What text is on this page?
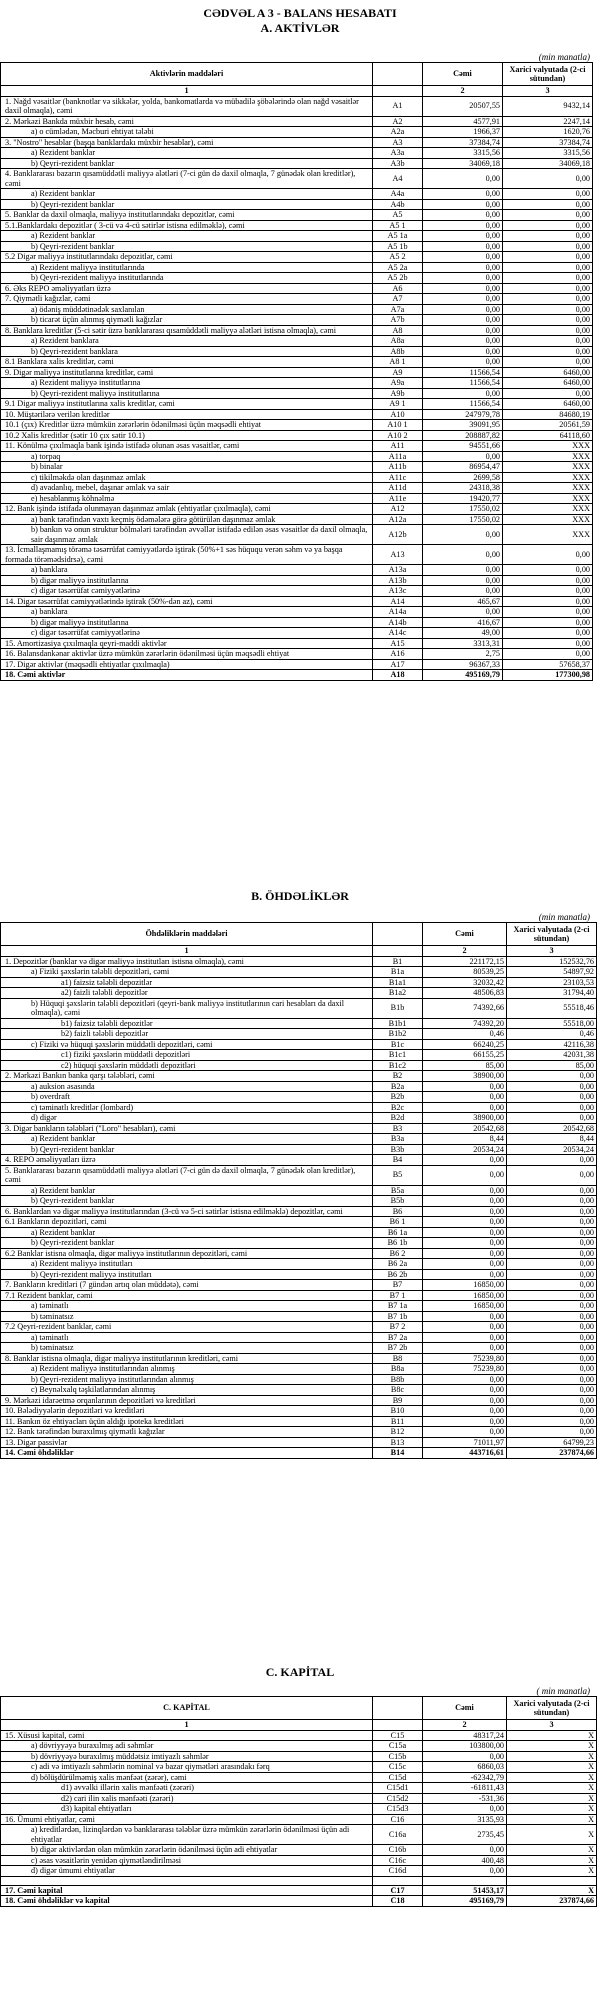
CƏDVƏL A 3 - BALANS HESABATI
A. AKTİVLƏR
(min manatla)
Aktivlərin maddələri		Cəmi	Xarici valyutada (2-ci sütundan)
1		2	3
1. Nağd vəsaitlər (banknotlar və sikkələr, yolda, bankomatlarda və mübadilə şöbələrində olan nağd vəsaitlər daxil olmaqla), cəmi	A1	20507,55	9432,14
2. Mərkəzi Bankda müxbir hesab, cəmi	A2	4577,91	2247,14
a) o cümlədən, Məcburi ehtiyat tələbi	A2a	1966,37	1620,76
3. "Nostro" hesablar (başqa banklardakı müxbir hesablar), cəmi	A3	37384,74	37384,74
a) Rezident banklar	A3a	3315,56	3315,56
b) Qeyri-rezident banklar	A3b	34069,18	34069,18
4. Banklararası bazarın qısamüddətli maliyyə alətləri (7-ci gün də daxil olmaqla, 7 günədək olan kreditlər), cəmi	A4	0,00	0,00
a) Rezident banklar	A4a	0,00	0,00
b) Qeyri-rezident banklar	A4b	0,00	0,00
5. Banklar da daxil olmaqla, maliyyə institutlarındakı depozitlər, cəmi	A5	0,00	0,00
5.1.Banklardakı depozitlər ( 3-cü və 4-cü sətirlər istisna edilməklə), cəmi	A5 1	0,00	0,00
a) Rezident banklar	A5 1a	0,00	0,00
b) Qeyri-rezident banklar	A5 1b	0,00	0,00
5.2 Digər maliyyə institutlarındakı depozitlər, cəmi	A5 2	0,00	0,00
a) Rezident maliyyə institutlarında	A5 2a	0,00	0,00
b) Qeyri-rezident maliyyə institutlarında	A5 2b	0,00	0,00
6. Əks REPO əməliyyatları üzrə	A6	0,00	0,00
7. Qiymətli kağızlar, cəmi	A7	0,00	0,00
a) ödəniş müddətinədək saxlanılan	A7a	0,00	0,00
b) ticarət üçün alınmış qiymətli kağızlar	A7b	0,00	0,00
8. Banklara kreditlər (5-ci sətir üzrə banklararası qısamüddətli maliyyə alətləri istisna olmaqla), cəmi	A8	0,00	0,00
a) Rezident banklara	A8a	0,00	0,00
b) Qeyri-rezident banklara	A8b	0,00	0,00
8.1 Banklara xalis kreditlər, cəmi	A8 1	0,00	0,00
9. Digər maliyyə institutlarına kreditlər, cəmi	A9	11566,54	6460,00
a) Rezident maliyyə institutlarına	A9a	11566,54	6460,00
b) Qeyri-rezident maliyyə institutlarına	A9b	0,00	0,00
9.1 Digər maliyyə institutlarına xalis kreditlər, cəmi	A9 1	11566,54	6460,00
10. Müştərilərə verilən kreditlər	A10	247979,78	84680,19
10.1 (çıx) Kreditlər üzrə mümkün zərərlərin ödənilməsi üçün məqsədli ehtiyat	A10 1	39091,95	20561,59
10.2 Xalis kreditlər (sətir 10 çıx sətir 10.1)	A10 2	208887,82	64118,60
11. Könülmə çıxılmaqla bank işində istifadə olunan əsas vəsaitlər, cəmi	A11	94551,66	XXX
a) torpaq	A11a	0,00	XXX
b) binalar	A11b	86954,47	XXX
c) tikilməkdə olan daşınmaz əmlak	A11c	2699,58	XXX
d) avadanlıq, mebel, daşınar əmlak və sair	A11d	24318,38	XXX
e) hesablanmış köhnəlmə	A11e	19420,77	XXX
12. Bank işində istifadə olunmayan daşınmaz əmlak (ehtiyatlar çıxılmaqla), cəmi	A12	17550,02	XXX
a) bank tərəfindən vaxtı keçmiş ödəmələrə görə götürülən daşınmaz əmlak	A12a	17550,02	XXX
b) bankın və onun struktur bölmələri tərəfindən əvvəllər istifadə edilən əsas vəsaitlər də daxil olmaqla, sair daşınmaz əmlak	A12b	0,00	XXX
13. İcmallaşmamış törəmə təsərrüfat cəmiyyətlərdə iştirak (50%+1 səs hüququ verən səhm və ya başqa formada törəmədsidrsə), cəmi	A13	0,00	0,00
a) banklara	A13a	0,00	0,00
b) digər maliyyə institutlarına	A13b	0,00	0,00
c) digər təsərrüfat cəmiyyətlərinə	A13c	0,00	0,00
14. Digər təsərrüfat cəmiyyətlərində iştirak (50%-dən az), cəmi	A14	465,67	0,00
a) banklara	A14a	0,00	0,00
b) digər maliyyə institutlarına	A14b	416,67	0,00
c) digər təsərrüfat cəmiyyətlərinə	A14c	49,00	0,00
15. Amortizasiya çıxılmaqla qeyri-maddi aktivlər	A15	3313,31	0,00
16. Balansdankənar aktivlər üzrə mümkün zərərlərin ödənilməsi üçün məqsədli ehtiyat	A16	2,75	0,00
17. Digər aktivlər (məqsədli ehtiyatlar çıxılmaqla)	A17	96367,33	57658,37
18. Cəmi aktivlər	A18	495169,79	177300,98
B. ÖHDƏLİKLƏR
(min manatla)
Öhdəliklərin maddələri		Cəmi	Xarici valyutada (2-ci sütundan)
1		2	3
1. Depozitlər (banklar və digər maliyyə institutları istisna olmaqla), cəmi	B1	221172,15	152532,76
a) Fiziki şəxslərin tələbli depozitləri, cəmi	B1a	80539,25	54897,92
a1) faizsiz tələbli depozitlər	B1a1	32032,42	23103,53
a2) faizli tələbli depozitlər	B1a2	48506,83	31794,40
b) Hüquqi şəxslərin tələbli depozitləri (qeyri-bank maliyyə institutlarının cari hesabları da daxil olmaqla), cəmi	B1b	74392,66	55518,46
b1) faizsiz tələbli depozitlər	B1b1	74392,20	55518,00
b2) faizli tələbli depozitlər	B1b2	0,46	0,46
c) Fiziki və hüquqi şəxslərin müddətli depozitləri, cəmi	B1c	66240,25	42116,38
c1) fiziki şəxslərin müddətli depozitləri	B1c1	66155,25	42031,38
c2) hüquqi şəxslərin müddətli depozitləri	B1c2	85,00	85,00
2. Mərkəzi Bankın banka qarşı tələbləri, cəmi	B2	38900,00	0,00
a) auksion əsasında	B2a	0,00	0,00
b) overdraft	B2b	0,00	0,00
c) təminatlı kreditlər (lombard)	B2c	0,00	0,00
d) digər	B2d	38900,00	0,00
3. Digər bankların tələbləri ("Loro" hesabları), cəmi	B3	20542,68	20542,68
a) Rezident banklar	B3a	8,44	8,44
b) Qeyri-rezident banklar	B3b	20534,24	20534,24
4. REPO əməliyyatları üzrə	B4	0,00	0,00
5. Banklararası bazarın qısamüddətli maliyyə alətləri (7-ci gün də daxil olmaqla, 7 günədək olan kreditlər), cəmi	B5	0,00	0,00
a) Rezident banklar	B5a	0,00	0,00
b) Qeyri-rezident banklar	B5b	0,00	0,00
6. Banklardan və digər maliyyə institutlarından (3-cü və 5-ci sətirlər istisna edilməklə) depozitlər, cəmi	B6	0,00	0,00
6.1 Bankların depozitləri, cəmi	B6 1	0,00	0,00
a) Rezident banklar	B6 1a	0,00	0,00
b) Qeyri-rezident banklar	B6 1b	0,00	0,00
6.2 Banklar istisna olmaqla, digər maliyyə institutlarının depozitləri, cəmi	B6 2	0,00	0,00
a) Rezident maliyyə institutları	B6 2a	0,00	0,00
b) Qeyri-rezident maliyyə institutları	B6 2b	0,00	0,00
7. Bankların kreditləri (7 gündən artıq olan müddətə), cəmi	B7	16850,00	0,00
7.1 Rezident banklar, cəmi	B7 1	16850,00	0,00
a) təminatlı	B7 1a	16850,00	0,00
b) təminatsız	B7 1b	0,00	0,00
7.2 Qeyri-rezident banklar, cəmi	B7 2	0,00	0,00
a) təminatlı	B7 2a	0,00	0,00
b) təminatsız	B7 2b	0,00	0,00
8. Banklar istisna olmaqla, digər maliyyə institutlarının kreditləri, cəmi	B8	75239,80	0,00
a) Rezident maliyyə institutlarından alınmış	B8a	75239,80	0,00
b) Qeyri-rezident maliyyə institutlarından alınmış	B8b	0,00	0,00
c) Beynəlxalq təşkilatlarından alınmış	B8c	0,00	0,00
9. Mərkəzi idarəetmə orqanlarının depozitləri və kreditləri	B9	0,00	0,00
10. Bələdiyyələrin depozitləri və kreditləri	B10	0,00	0,00
11. Bankın öz ehtiyacları üçün aldığı ipoteka kreditləri	B11	0,00	0,00
12. Bank tərəfindən buraxılmış qiymətli kağızlar	B12	0,00	0,00
13. Digər passivlər	B13	71011,97	64799,23
14. Cəmi öhdəliklər	B14	443716,61	237874,66
C. KAPİTAL
( min manatla)
C. KAPİTAL		Cəmi	Xarici valyutada (2-ci sütundan)
1		2	3
15. Xüsusi kapital, cəmi	C15	48317,24	X
a) dövriyyəyə buraxılmış adi səhmlər	C15a	103800,00	X
b) dövriyyəyə buraxılmış müddətsiz imtiyazlı səhmlər	C15b	0,00	X
c) adi və imtiyazlı səhmlərin nominal və bazar qiymətləri arasındakı fərq	C15c	6860,03	X
d) bölüşdürülməmiş xalis mənfəət (zərər), cəmi	C15d	-62342,79	X
d1) əvvəlki illərin xalis mənfəəti (zərəri)	C15d1	-61811,43	X
d2) cari ilin xalis mənfəəti (zərəri)	C15d2	-531,36	X
d3) kapital ehtiyatları	C15d3	0,00	X
16. Ümumi ehtiyatlar, cəmi	C16	3135,93	X
a) kreditlərdən, lizinqlərdən və banklararası tələblər üzrə mümkün zərərlərin ödənilməsi üçün adi ehtiyatlar	C16a	2735,45	X
b) digər aktivlərdən olan mümkün zərərlərin ödənilməsi üçün adi ehtiyatlar	C16b	0,00	X
c) əsas vəsaitlərin yenidən qiymətləndirilməsi	C16c	400,48	X
d) digər ümumi ehtiyatlar	C16d	0,00	X

17. Cəmi kapital	C17	51453,17	X
18. Cəmi öhdəliklər və kapital	C18	495169,79	237874,66
